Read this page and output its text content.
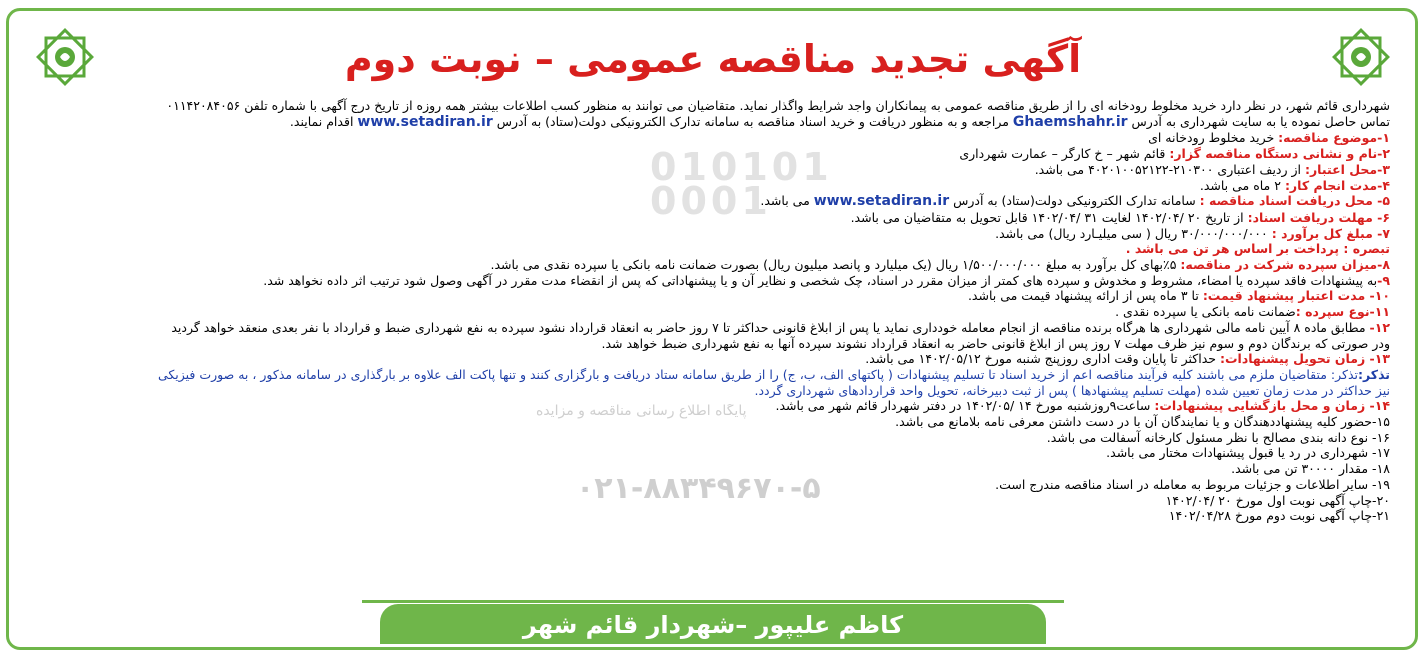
آگهی تجدید مناقصه عمومی – نوبت دوم
010101
0001

شهرداری قائم شهر، در نظر دارد خرید مخلوط رودخانه ای را از طریق مناقصه عمومی به پیمانکاران واجد شرایط واگذار نماید. متقاضیان می توانند به منظور کسب اطلاعات بیشتر همه روزه از تاریخ درج آگهی با شماره تلفن ۰۱۱۴۲۰۸۴۰۵۶

تماس حاصل نموده یا به سایت شهرداری به آدرس Ghaemshahr.ir مراجعه و به منظور دریافت و خرید اسناد مناقصه به سامانه تدارک الکترونیکی دولت(ستاد) به آدرس www.setadiran.ir اقدام نمایند.

۱-موضوع مناقصه: خرید مخلوط رودخانه ای

۲-نام و نشانی دستگاه مناقصه گزار: قائم شهر – خ کارگر – عمارت شهرداری

۳-محل اعتبار: از ردیف اعتباری ۲۱۰۳۰۰-۴۰۲۰۱۰۰۵۲۱۲۲ می باشد.

۴-مدت انجام کار: ۲ ماه می باشد.

۵- محل دریافت اسناد مناقصه : سامانه تدارک الکترونیکی دولت(ستاد) به آدرس www.setadiran.ir می باشد.

۶- مهلت دریافت اسناد: از تاریخ ۲۰ /۱۴۰۲/۰۴ لغایت ۳۱ /۱۴۰۲/۰۴ قابل تحویل به متقاضیان می باشد.

۷- مبلغ کل برآورد : ۳۰/۰۰۰/۰۰۰/۰۰۰ ریال ( سی میلیـارد ریال) می باشد.

تبصره : پرداخت بر اساس هر تن می باشد .

۸-میزان سپرده شرکت در مناقصه: ۵٪بهای کل برآورد به مبلغ ۱/۵۰۰/۰۰۰/۰۰۰ ریال (یک میلیارد و پانصد میلیون ریال) بصورت ضمانت نامه بانکی یا سپرده نقدی می باشد.

۹-به پیشنهادات فاقد سپرده یا امضاء، مشروط و مخدوش و سپرده های کمتر از میزان مقرر در اسناد، چک شخصی و نظایر آن و یا پیشنهاداتی که پس از انقضاء مدت مقرر در آگهی وصول شود ترتیب اثر داده نخواهد شد.

۱۰- مدت اعتبار پیشنهاد قیمت: تا ۳ ماه پس از ارائه پیشنهاد قیمت می باشد.

۱۱-نوع سپرده :ضمانت نامه بانکی یا سپرده نقدی .

۱۲- مطابق ماده ۸ آیین نامه مالی شهرداری ها هرگاه برنده مناقصه از انجام معامله خودداری نماید یا پس از ابلاغ قانونی حداکثر تا ۷ روز حاضر به انعقاد قرارداد نشود سپرده به نفع شهرداری ضبط و قرارداد با نفر بعدی منعقد خواهد گردید

ودر صورتی که برندگان دوم و سوم نیز ظرف مهلت ۷ روز پس از ابلاغ قانونی حاضر به انعقاد قرارداد نشوند سپرده آنها به نفع شهرداری ضبط خواهد شد.

۱۳- زمان تحویل پیشنهادات: حداکثر تا پایان وقت اداری روزپنج شنبه مورخ ۱۴۰۲/۰۵/۱۲ می باشد.

تذکر:تذکر: متقاضیان ملزم می باشند کلیه فرآیند مناقصه اعم از خرید اسناد تا تسلیم پیشنهادات ( پاکتهای الف، ب، ج) را از طریق سامانه ستاد دریافت و بارگزاری کنند و تنها پاکت الف علاوه بر بارگذاری در سامانه مذکور ، به صورت فیزیکی

نیز حداکثر در مدت زمان تعیین شده (مهلت تسلیم پیشنهادها ) پس از ثبت دبیرخانه، تحویل واحد قراردادهای شهرداری گردد.

۱۴- زمان و محل بازگشایی پیشنهادات: ساعت۹روزشنبه مورخ ۱۴ /۱۴۰۲/۰۵ در دفتر شهردار قائم شهر می باشد.

۱۵-حضور کلیه پیشنهاددهندگان و یا نمایندگان آن با در دست داشتن معرفی نامه بلامانع می باشد.

۱۶- نوع دانه بندی مصالح با نظر مسئول کارخانه آسفالت می باشد.

۱۷- شهرداری در رد یا قبول پیشنهادات مختار می باشد.

۱۸- مقدار ۳۰۰۰۰ تن می باشد.

۱۹- سایر اطلاعات و جزئیات مربوط به معامله در اسناد مناقصه مندرج است.

۲۰-چاپ آگهی نوبت اول مورخ ۲۰ /۱۴۰۲/۰۴

۲۱-چاپ آگهی نوبت دوم مورخ ۱۴۰۲/۰۴/۲۸

پایگاه اطلاع رسانی مناقصه و مزایده

۰۲۱-۸۸۳۴۹۶۷۰-۵

کاظم علیپور –شهردار قائم شهر
